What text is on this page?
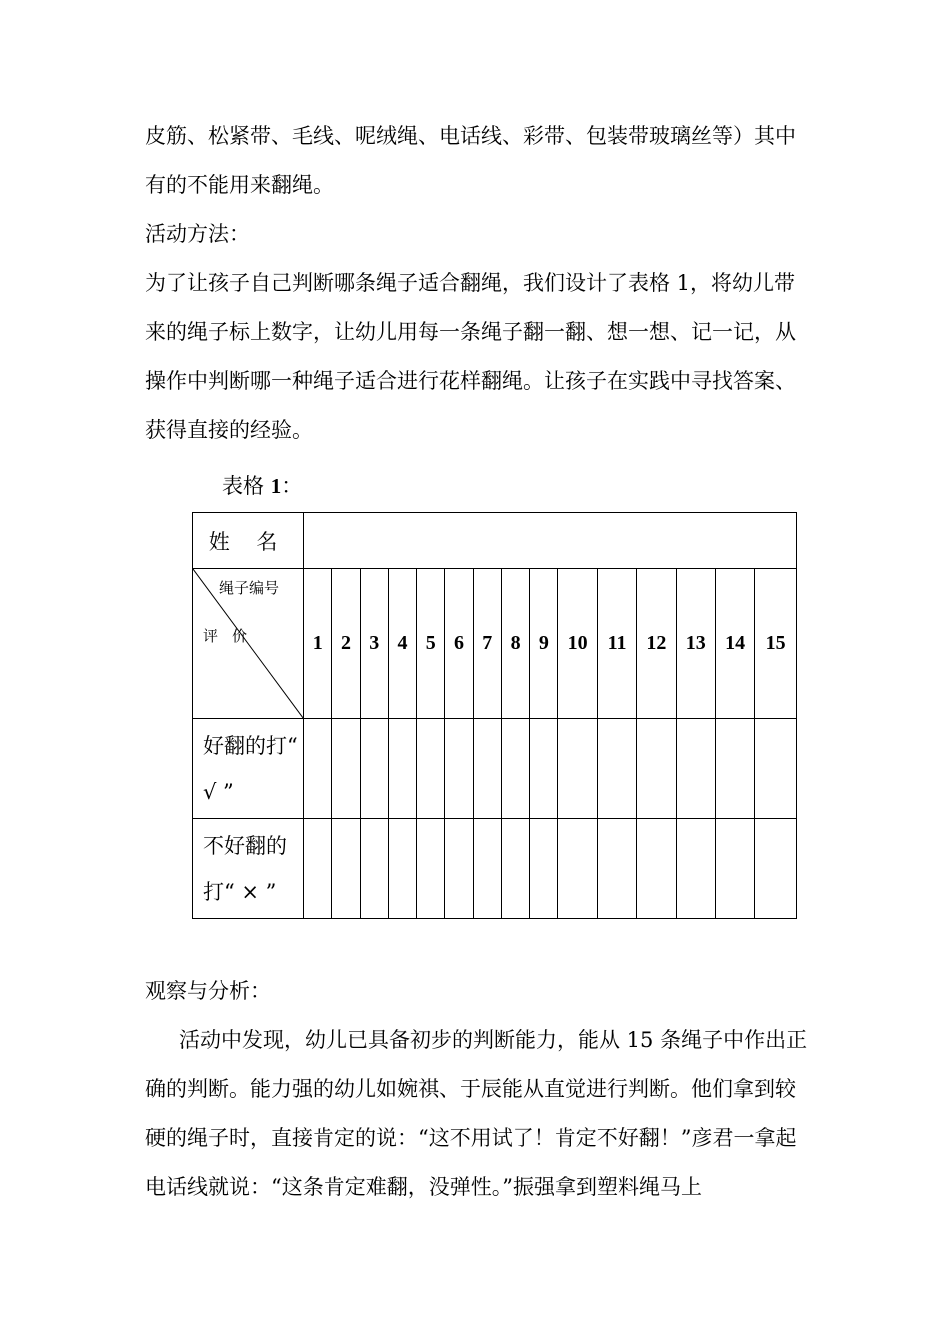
皮筋、松紧带、毛线、呢绒绳、电话线、彩带、包装带玻璃丝等）其中有的不能用来翻绳。

活动方法：

为了让孩子自己判断哪条绳子适合翻绳，我们设计了表格 1，将幼儿带来的绳子标上数字，让幼儿用每一条绳子翻一翻、想一想、记一记，从操作中判断哪一种绳子适合进行花样翻绳。让孩子在实践中寻找答案、获得直接的经验。

表格 1：
姓 名															

绳子编号
评价	1	2	3	4	5	6	7	8	9	10	11	12	13	14	15
好翻的打“ √ ”															
不好翻的打“ × ”															

观察与分析：

活动中发现，幼儿已具备初步的判断能力，能从 15 条绳子中作出正确的判断。能力强的幼儿如婉祺、于辰能从直觉进行判断。他们拿到较硬的绳子时，直接肯定的说：“这不用试了！肯定不好翻！”彦君一拿起电话线就说：“这条肯定难翻，没弹性。”振强拿到塑料绳马上
